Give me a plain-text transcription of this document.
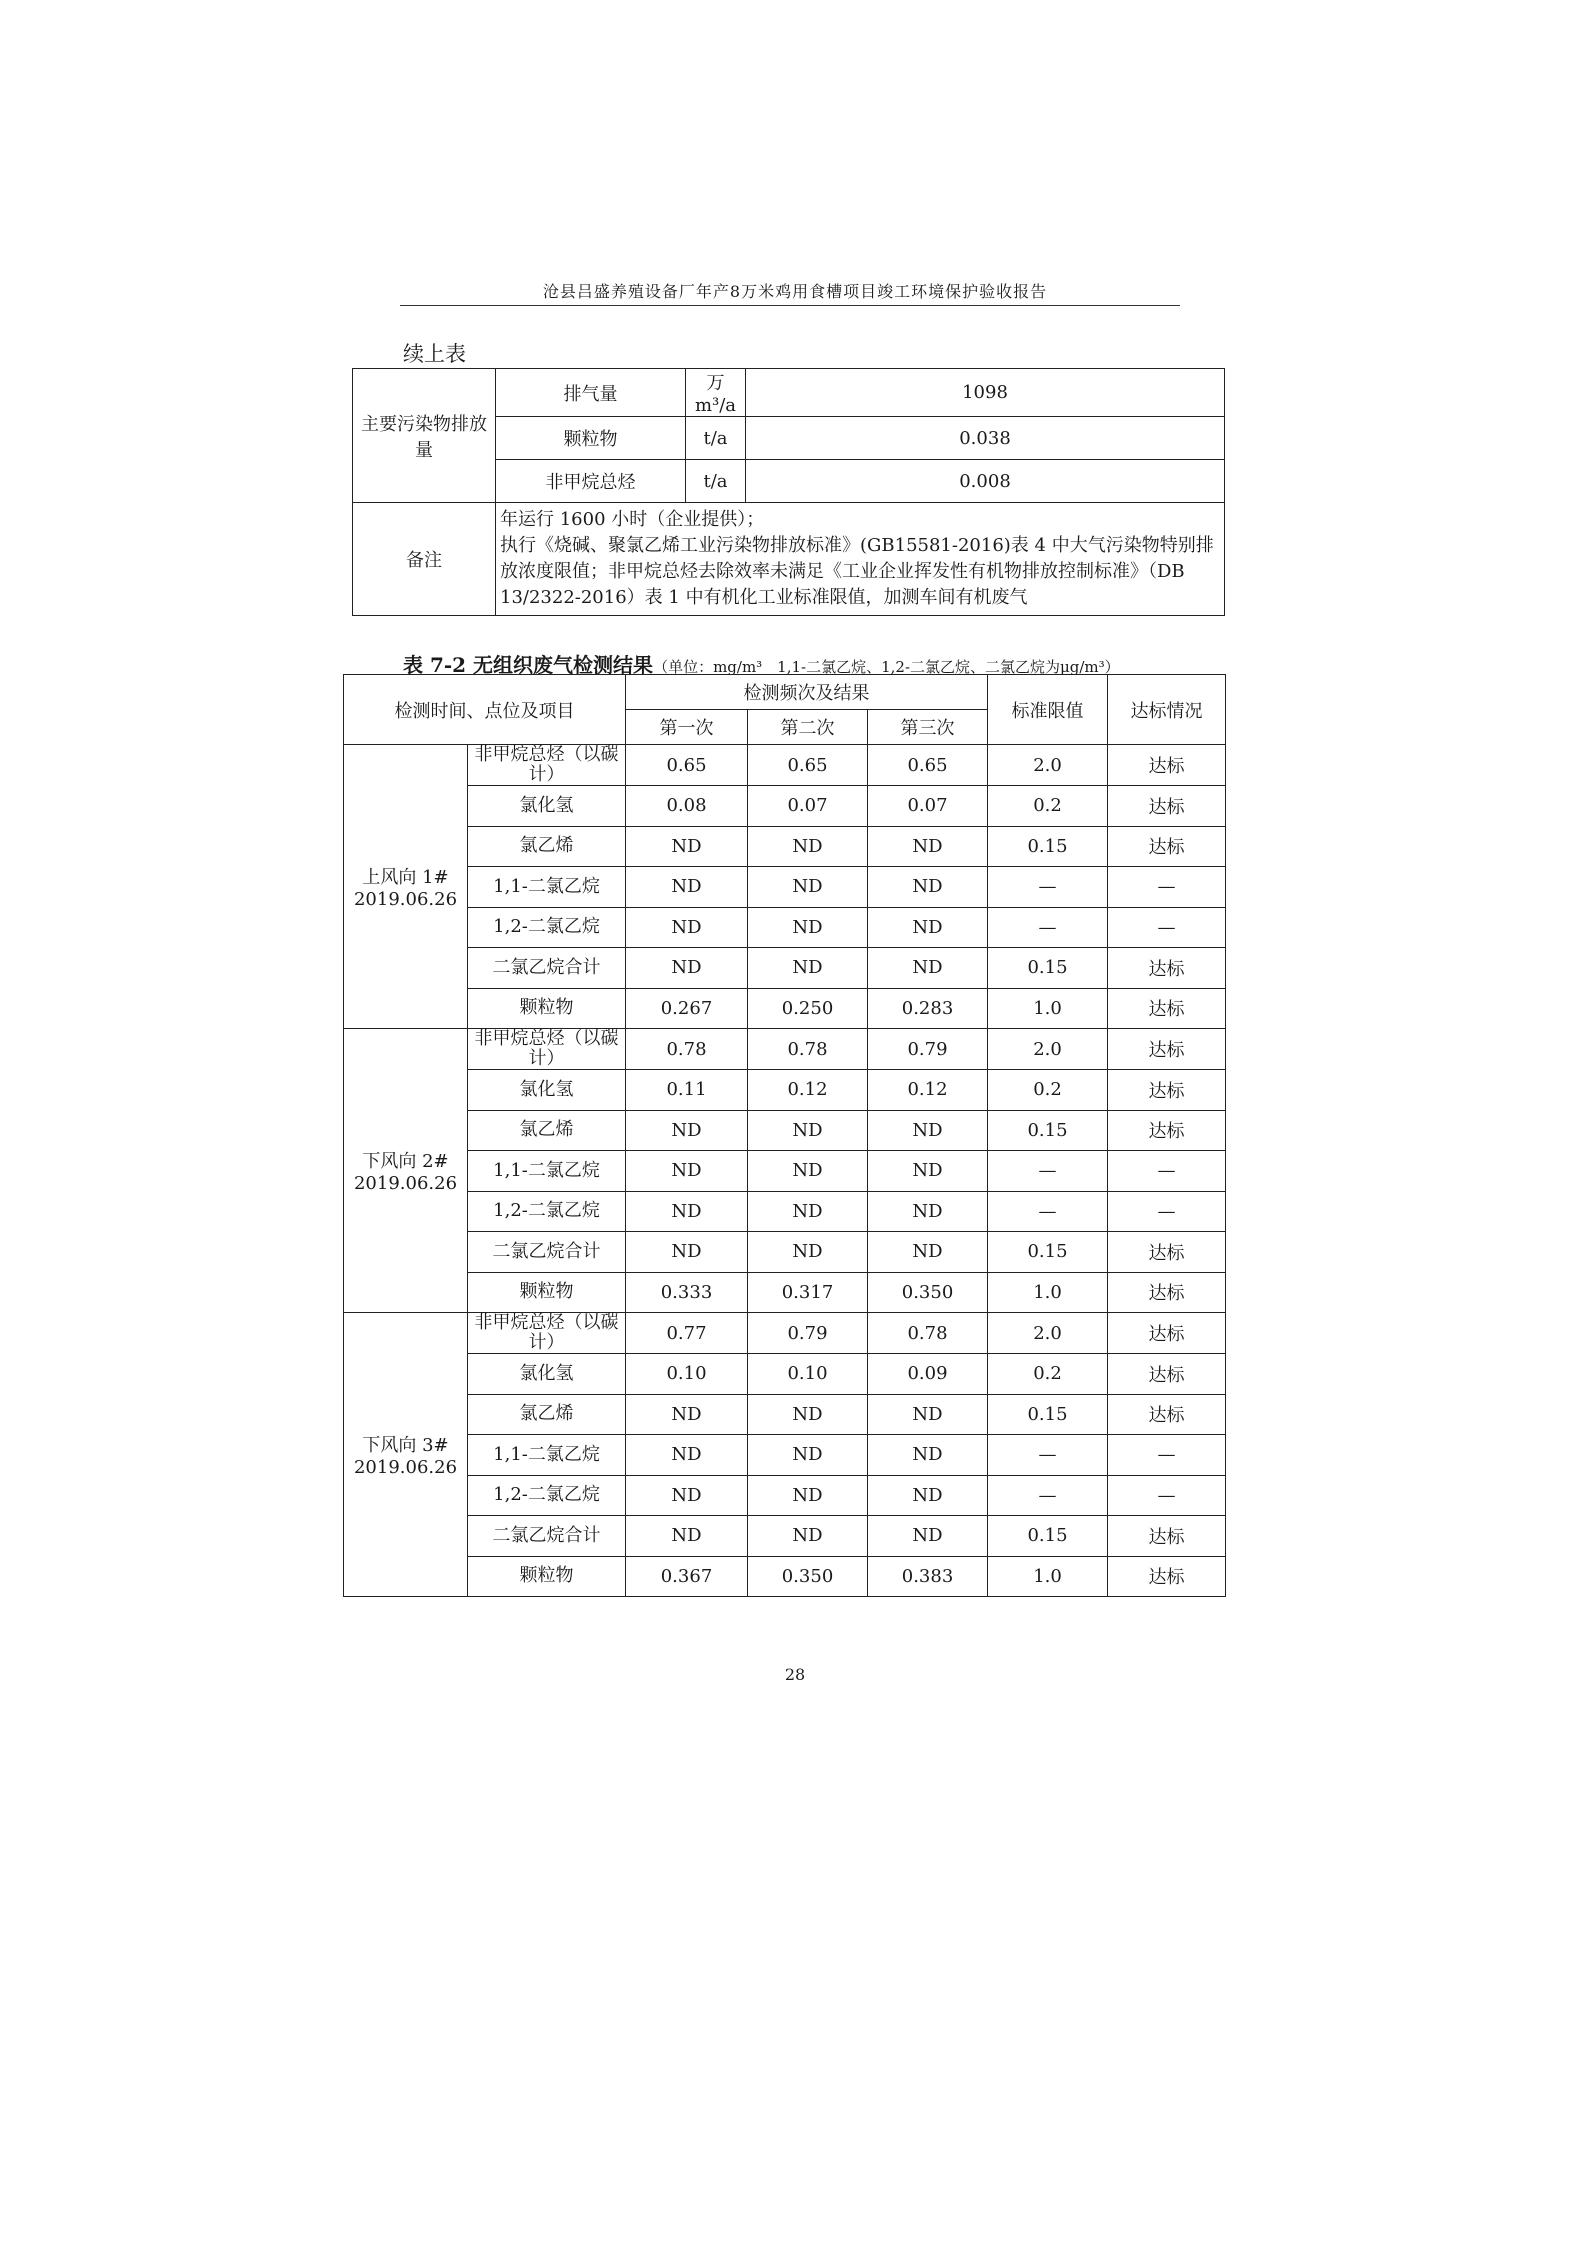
沧县吕盛养殖设备厂年产8万米鸡用食槽项目竣工环境保护验收报告
续上表
主要污染物排放量	排气量	万 m³/a	1098
	颗粒物	t/a	0.038
	非甲烷总烃	t/a	0.008
备注	年运行 1600 小时（企业提供）；
执行《烧碱、聚氯乙烯工业污染物排放标准》(GB15581-2016)表 4 中大气污染物特别排放浓度限值；非甲烷总烃去除效率未满足《工业企业挥发性有机物排放控制标准》（DB 13/2322-2016）表 1 中有机化工业标准限值，加测车间有机废气		
表 7-2 无组织废气检测结果（单位：mg/m³　1,1-二氯乙烷、1,2-二氯乙烷、二氯乙烷为μg/m³）
检测时间、点位及项目		检测频次及结果			标准限值	达标情况
		第一次	第二次	第三次		

上风向 1#
2019.06.26	非甲烷总烃（以碳计）	0.65	0.65	0.65	2.0	达标
	氯化氢	0.08	0.07	0.07	0.2	达标
	氯乙烯	ND	ND	ND	0.15	达标
	1,1-二氯乙烷	ND	ND	ND	—	—
	1,2-二氯乙烷	ND	ND	ND	—	—
	二氯乙烷合计	ND	ND	ND	0.15	达标
	颗粒物	0.267	0.250	0.283	1.0	达标

下风向 2#
2019.06.26	非甲烷总烃（以碳计）	0.78	0.78	0.79	2.0	达标
	氯化氢	0.11	0.12	0.12	0.2	达标
	氯乙烯	ND	ND	ND	0.15	达标
	1,1-二氯乙烷	ND	ND	ND	—	—
	1,2-二氯乙烷	ND	ND	ND	—	—
	二氯乙烷合计	ND	ND	ND	0.15	达标
	颗粒物	0.333	0.317	0.350	1.0	达标

下风向 3#
2019.06.26	非甲烷总烃（以碳计）	0.77	0.79	0.78	2.0	达标
	氯化氢	0.10	0.10	0.09	0.2	达标
	氯乙烯	ND	ND	ND	0.15	达标
	1,1-二氯乙烷	ND	ND	ND	—	—
	1,2-二氯乙烷	ND	ND	ND	—	—
	二氯乙烷合计	ND	ND	ND	0.15	达标
	颗粒物	0.367	0.350	0.383	1.0	达标
28
